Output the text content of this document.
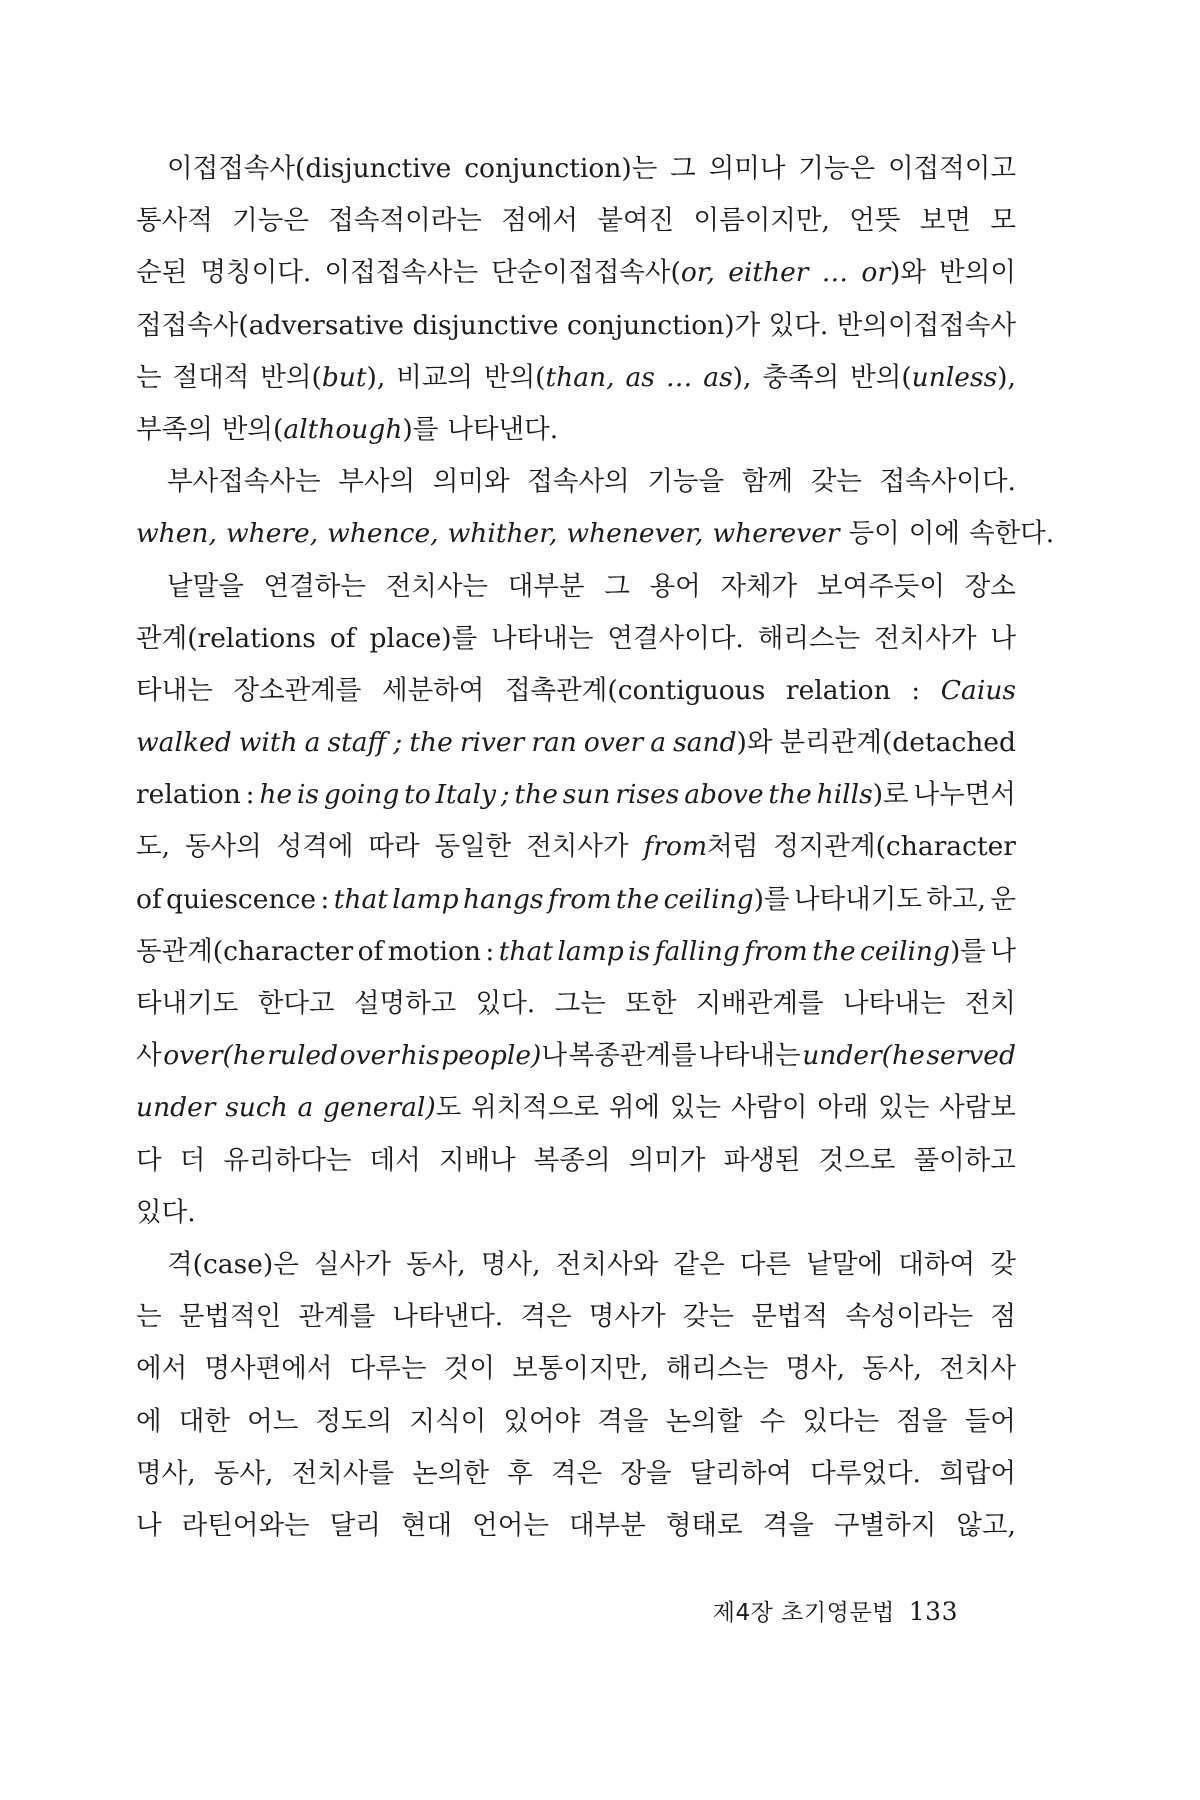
이접접속사(disjunctive conjunction)는 그 의미나 기능은 이접적이고
통사적 기능은 접속적이라는 점에서 붙여진 이름이지만, 언뜻 보면 모
순된 명칭이다. 이접접속사는 단순이접접속사(or, either … or)와 반의이
접접속사(adversative disjunctive conjunction)가 있다. 반의이접접속사
는 절대적 반의(but), 비교의 반의(than, as … as), 충족의 반의(unless),
부족의 반의(although)를 나타낸다.
부사접속사는 부사의 의미와 접속사의 기능을 함께 갖는 접속사이다.
when, where, whence, whither, whenever, wherever 등이 이에 속한다.
낱말을 연결하는 전치사는 대부분 그 용어 자체가 보여주듯이 장소
관계(relations of place)를 나타내는 연결사이다. 해리스는 전치사가 나
타내는 장소관계를 세분하여 접촉관계(contiguous relation : Caius
walked with a staff ; the river ran over a sand)와 분리관계(detached
relation : he is going to Italy ; the sun rises above the hills)로 나누면서
도, 동사의 성격에 따라 동일한 전치사가 from처럼 정지관계(character
of quiescence : that lamp hangs from the ceiling)를 나타내기도 하고, 운
동관계(character of motion : that lamp is falling from the ceiling)를 나
타내기도 한다고 설명하고 있다. 그는 또한 지배관계를 나타내는 전치
사 over(he ruled over his people)나 복종관계를 나타내는 under(he served
under such a general)도 위치적으로 위에 있는 사람이 아래 있는 사람보
다 더 유리하다는 데서 지배나 복종의 의미가 파생된 것으로 풀이하고
있다.
격(case)은 실사가 동사, 명사, 전치사와 같은 다른 낱말에 대하여 갖
는 문법적인 관계를 나타낸다. 격은 명사가 갖는 문법적 속성이라는 점
에서 명사편에서 다루는 것이 보통이지만, 해리스는 명사, 동사, 전치사
에 대한 어느 정도의 지식이 있어야 격을 논의할 수 있다는 점을 들어
명사, 동사, 전치사를 논의한 후 격은 장을 달리하여 다루었다. 희랍어
나 라틴어와는 달리 현대 언어는 대부분 형태로 격을 구별하지 않고,
제4장 초기영문법 133
